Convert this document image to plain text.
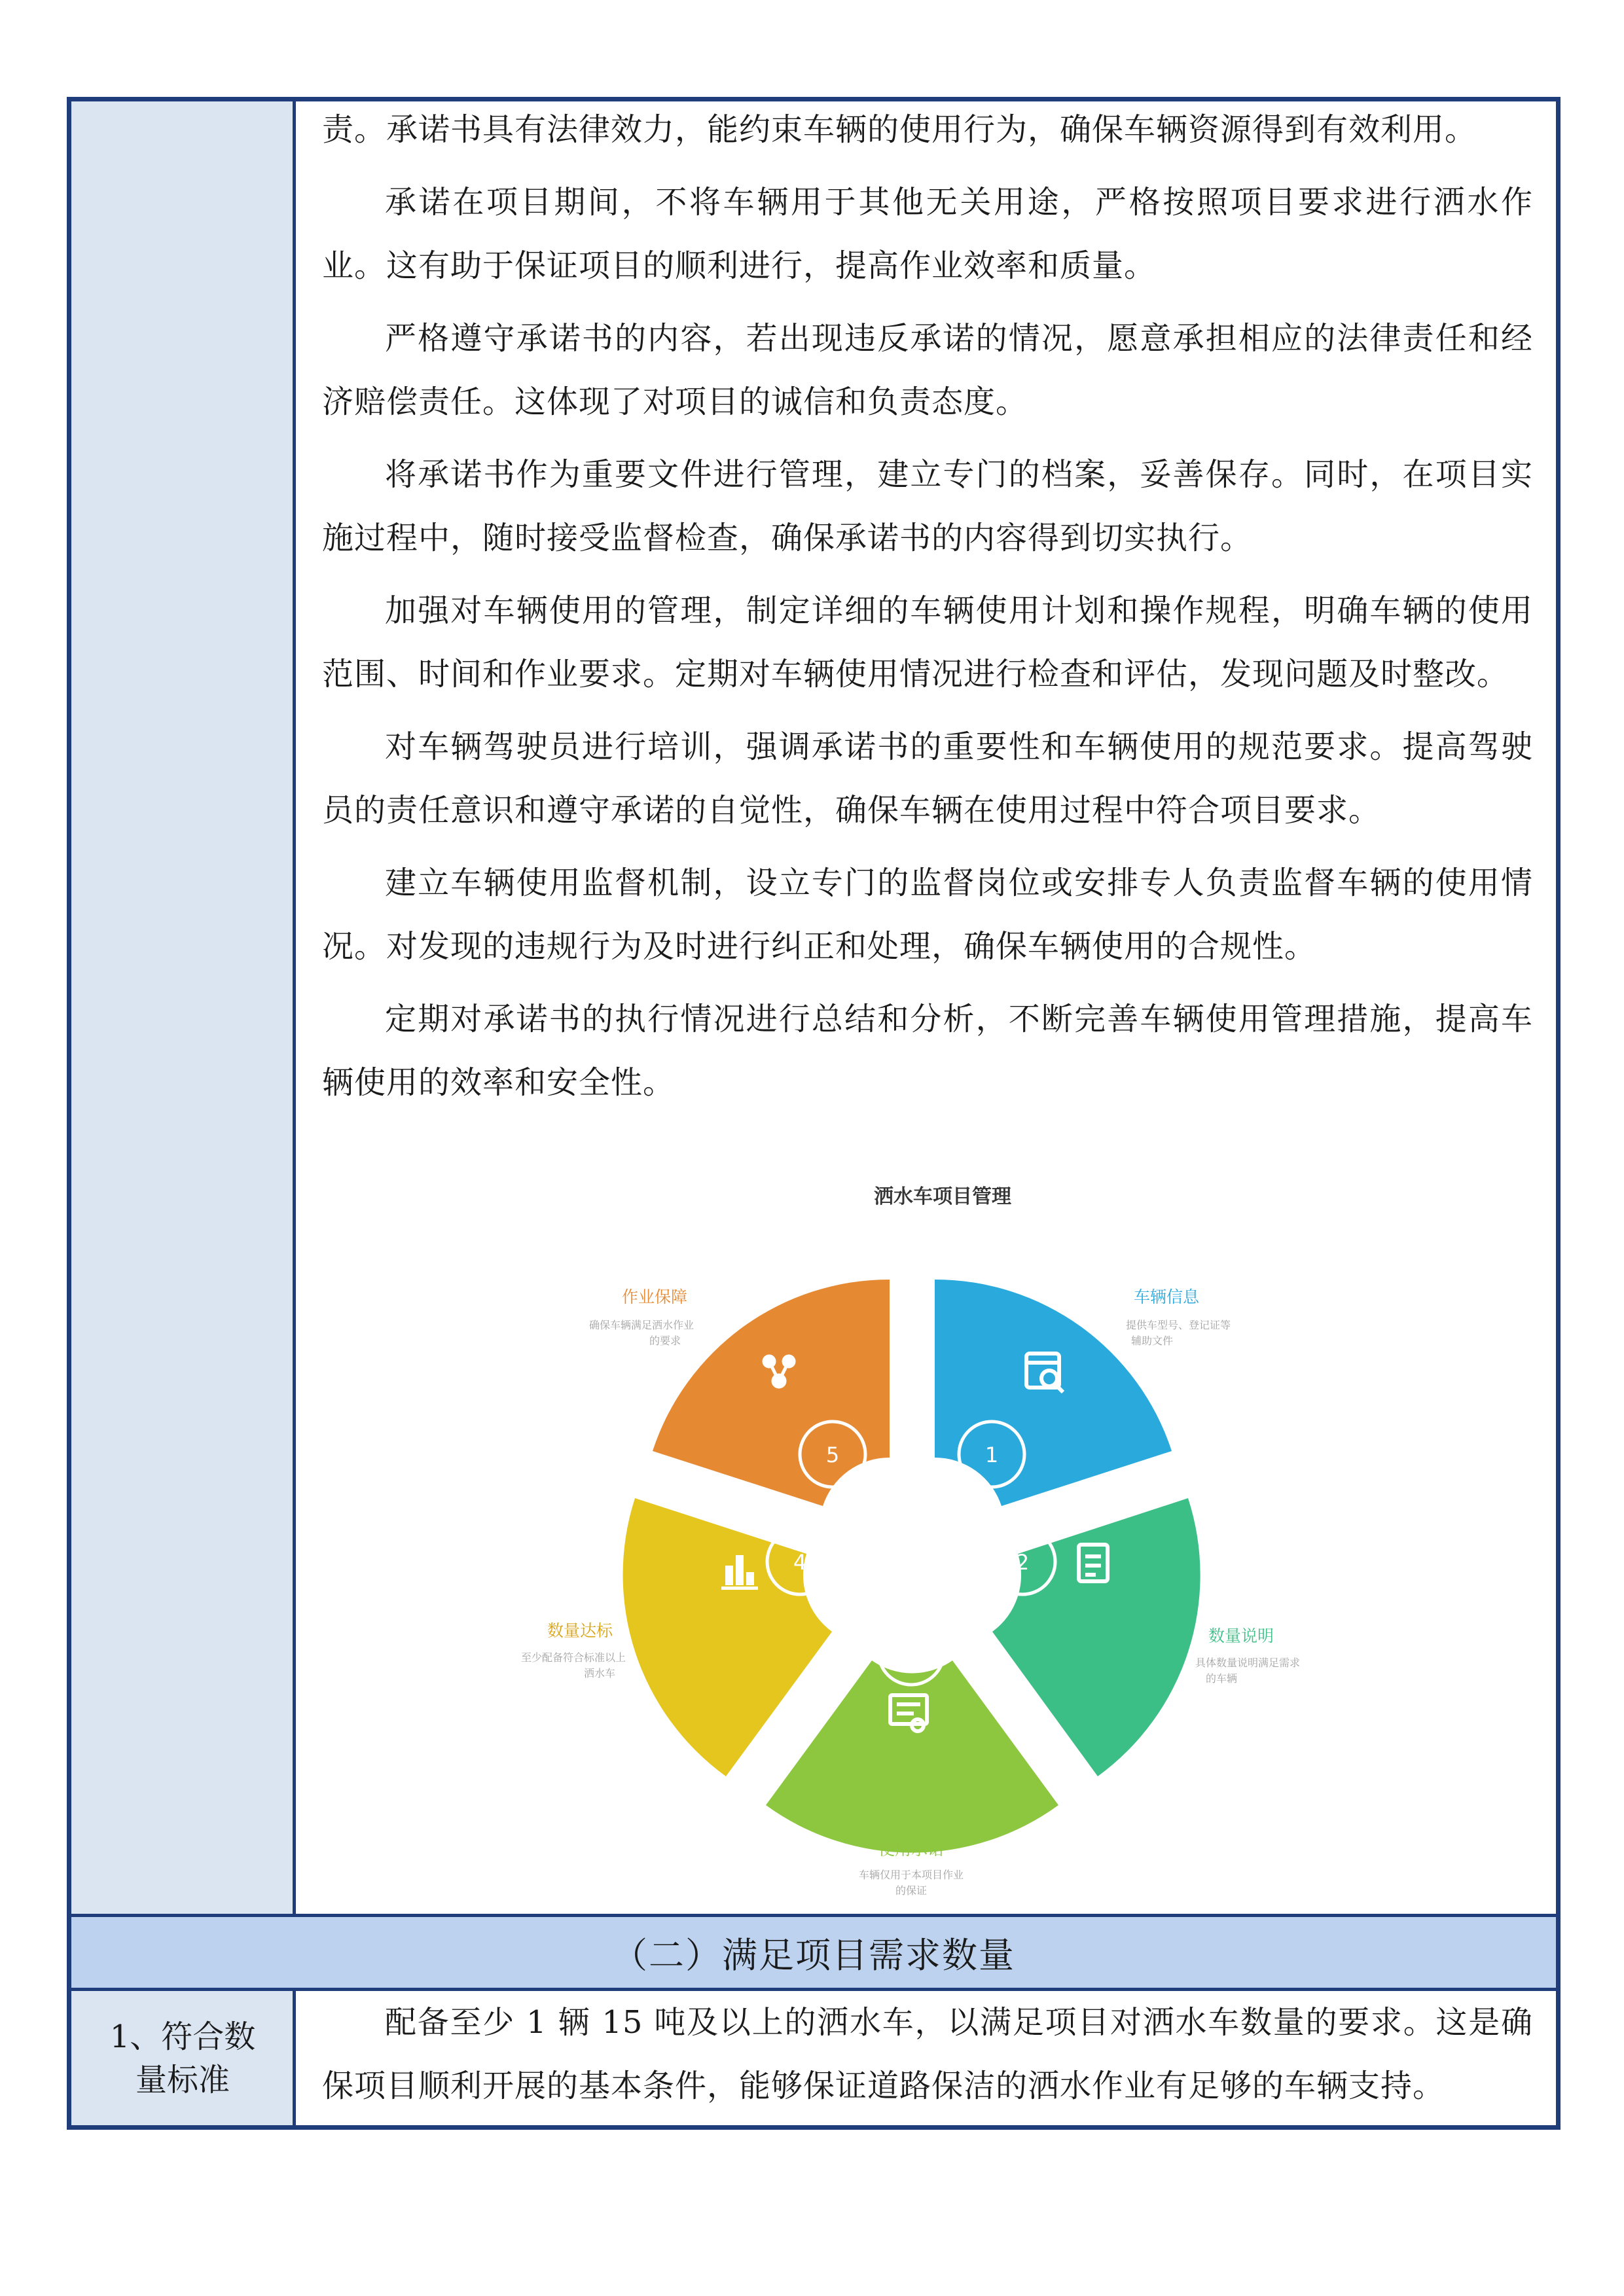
责。承诺书具有法律效力，能约束车辆的使用行为，确保车辆资源得到有效利用。

承诺在项目期间，不将车辆用于其他无关用途，严格按照项目要求进行洒水作业。这有助于保证项目的顺利进行，提高作业效率和质量。

严格遵守承诺书的内容，若出现违反承诺的情况，愿意承担相应的法律责任和经济赔偿责任。这体现了对项目的诚信和负责态度。

将承诺书作为重要文件进行管理，建立专门的档案，妥善保存。同时，在项目实施过程中，随时接受监督检查，确保承诺书的内容得到切实执行。

加强对车辆使用的管理，制定详细的车辆使用计划和操作规程，明确车辆的使用范围、时间和作业要求。定期对车辆使用情况进行检查和评估，发现问题及时整改。

对车辆驾驶员进行培训，强调承诺书的重要性和车辆使用的规范要求。提高驾驶员的责任意识和遵守承诺的自觉性，确保车辆在使用过程中符合项目要求。

建立车辆使用监督机制，设立专门的监督岗位或安排专人负责监督车辆的使用情况。对发现的违规行为及时进行纠正和处理，确保车辆使用的合规性。

定期对承诺书的执行情况进行总结和分析，不断完善车辆使用管理措施，提高车辆使用的效率和安全性。

洒水车项目管理
1
车辆信息
提供车型号、登记证等
辅助文件
2
数量说明
具体数量说明满足需求
的车辆
3
使用承诺
车辆仅用于本项目作业
的保证
4
数量达标
至少配备符合标准以上
洒水车
5
作业保障
确保车辆满足洒水作业
的要求
（二）满足项目需求数量
1、符合数量标准

配备至少 1 辆 15 吨及以上的洒水车，以满足项目对洒水车数量的要求。这是确保项目顺利开展的基本条件，能够保证道路保洁的洒水作业有足够的车辆支持。
